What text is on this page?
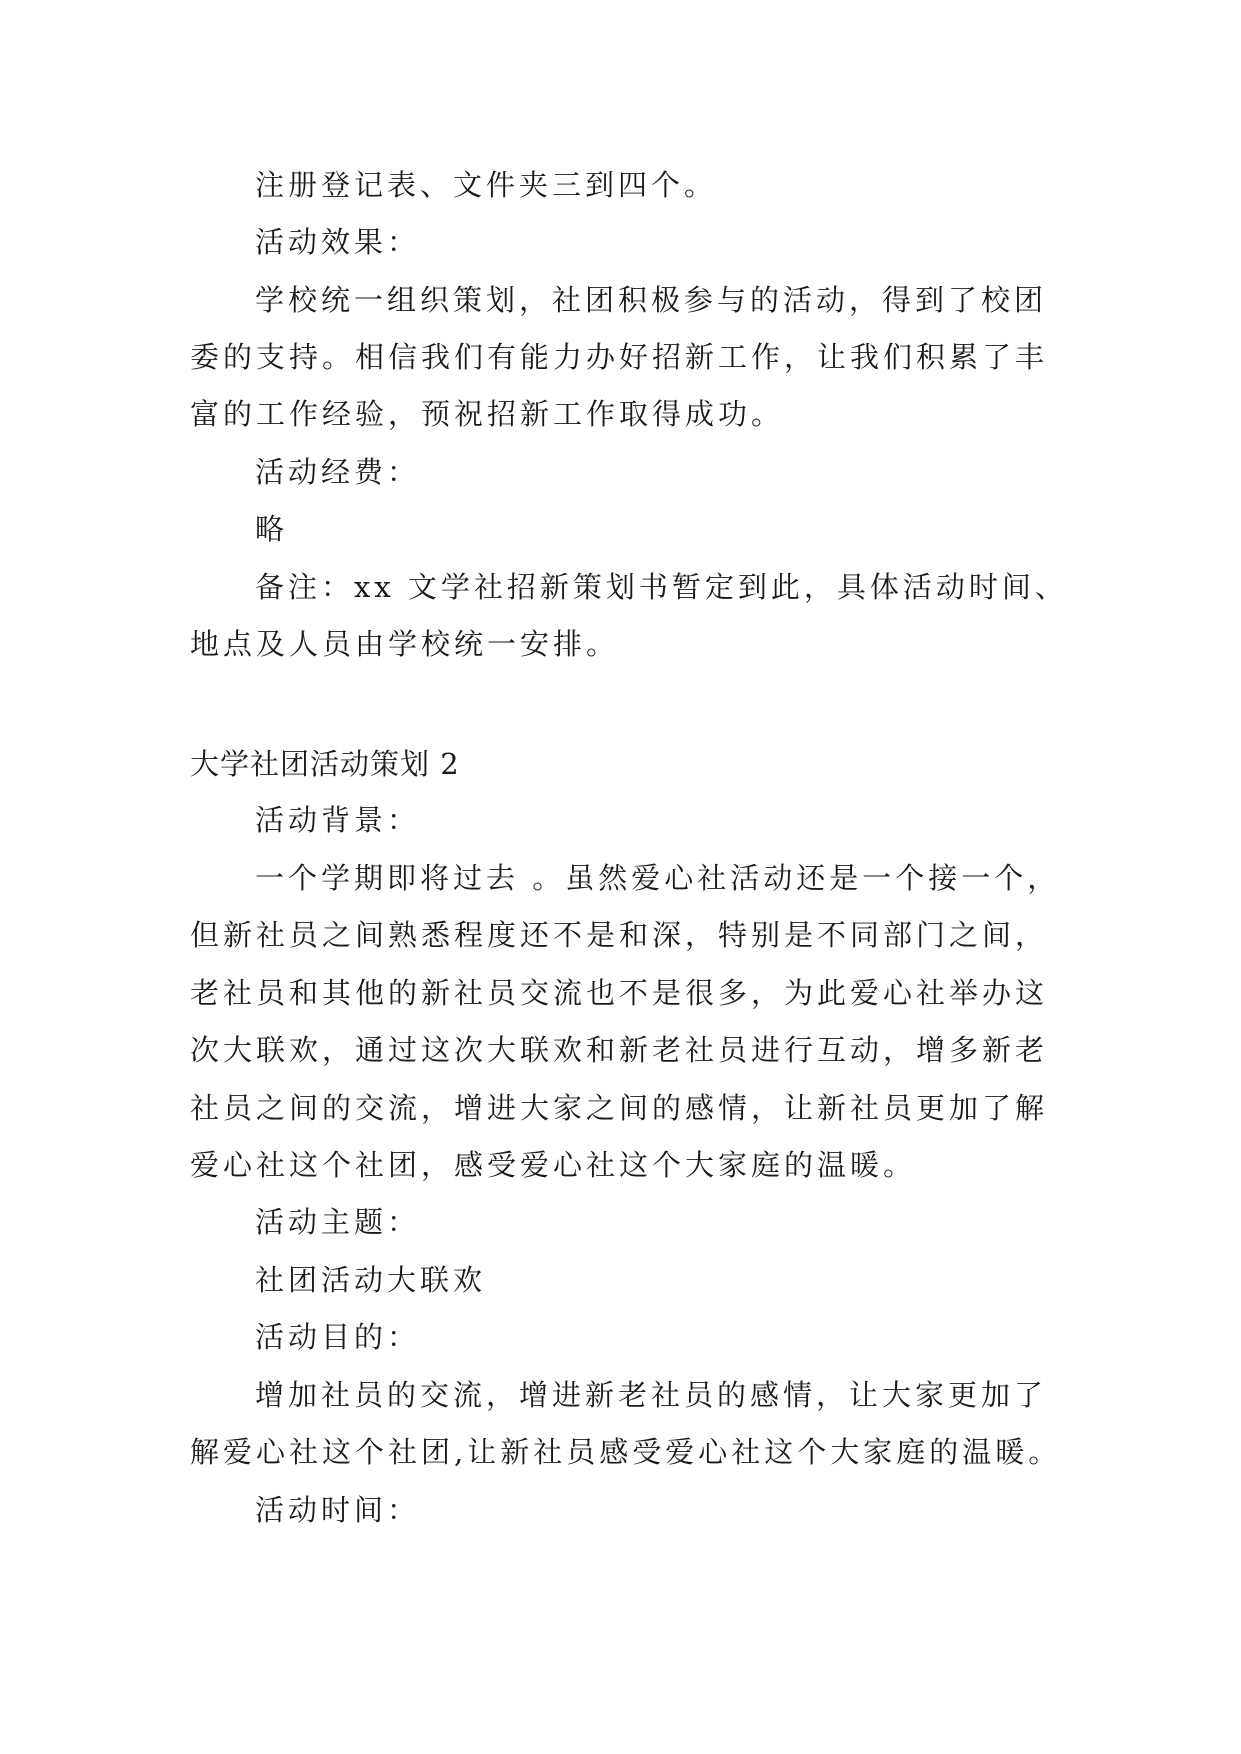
注册登记表、文件夹三到四个。
活动效果：
学校统一组织策划，社团积极参与的活动，得到了校团
委的支持。相信我们有能力办好招新工作，让我们积累了丰
富的工作经验，预祝招新工作取得成功。
活动经费：
略
备注：xx 文学社招新策划书暂定到此，具体活动时间、
地点及人员由学校统一安排。
大学社团活动策划 2
活动背景：
一个学期即将过去 。虽然爱心社活动还是一个接一个，
但新社员之间熟悉程度还不是和深，特别是不同部门之间，
老社员和其他的新社员交流也不是很多，为此爱心社举办这
次大联欢，通过这次大联欢和新老社员进行互动，增多新老
社员之间的交流，增进大家之间的感情，让新社员更加了解
爱心社这个社团，感受爱心社这个大家庭的温暖。
活动主题：
社团活动大联欢
活动目的：
增加社员的交流，增进新老社员的感情，让大家更加了
解爱心社这个社团,让新社员感受爱心社这个大家庭的温暖。
活动时间：
